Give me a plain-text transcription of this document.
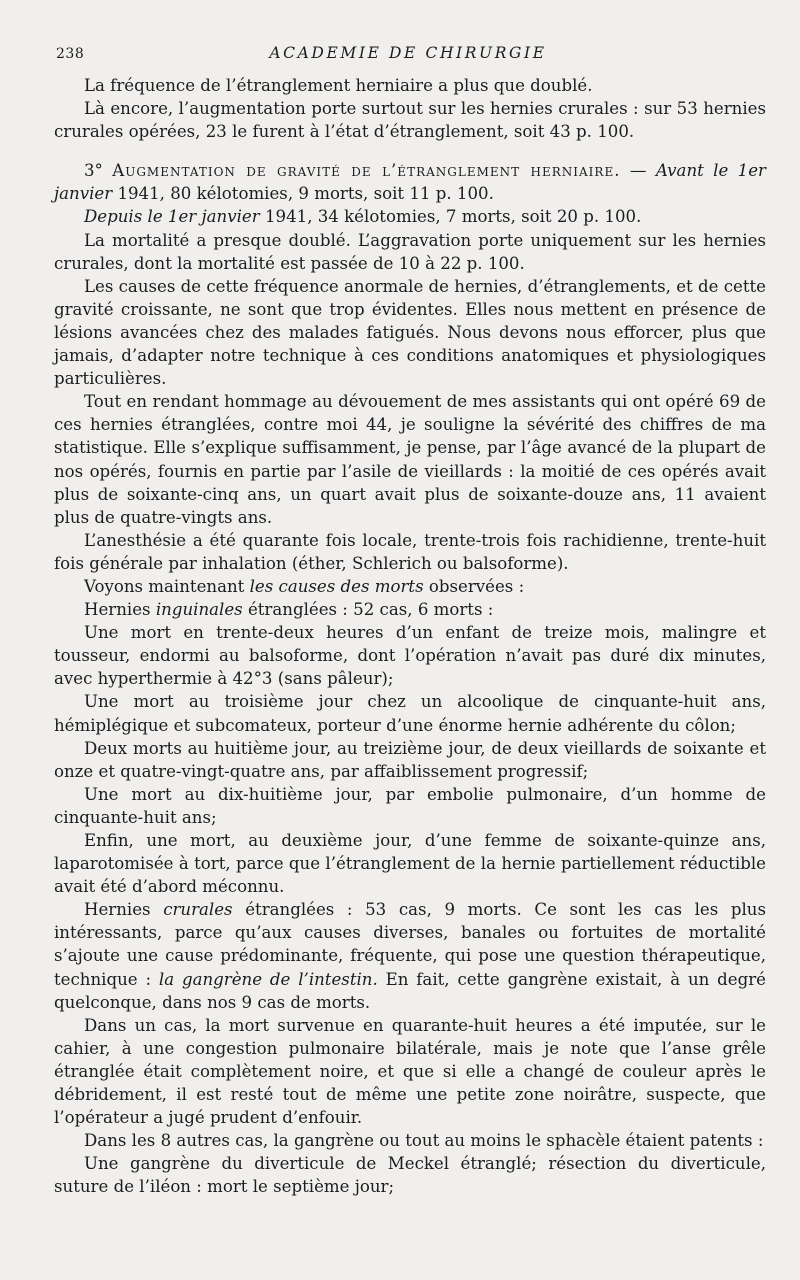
238	ACADEMIE DE CHIRURGIE

La fréquence de l’étranglement herniaire a plus que doublé.

Là encore, l’augmentation porte surtout sur les hernies crurales : sur 53 hernies crurales opérées, 23 le furent à l’état d’étranglement, soit 43 p. 100.

3° Augmentation de gravité de l’étranglement herniaire. — Avant le 1er janvier 1941, 80 kélotomies, 9 morts, soit 11 p. 100.

Depuis le 1er janvier 1941, 34 kélotomies, 7 morts, soit 20 p. 100.

La mortalité a presque doublé. L’aggravation porte uniquement sur les hernies crurales, dont la mortalité est passée de 10 à 22 p. 100.

Les causes de cette fréquence anormale de hernies, d’étranglements, et de cette gravité croissante, ne sont que trop évidentes. Elles nous mettent en présence de lésions avancées chez des malades fatigués. Nous devons nous efforcer, plus que jamais, d’adapter notre technique à ces conditions anatomiques et physiologiques particulières.

Tout en rendant hommage au dévouement de mes assistants qui ont opéré 69 de ces hernies étranglées, contre moi 44, je souligne la sévérité des chiffres de ma statistique. Elle s’explique suffisamment, je pense, par l’âge avancé de la plupart de nos opérés, fournis en partie par l’asile de vieillards : la moitié de ces opérés avait plus de soixante-cinq ans, un quart avait plus de soixante-douze ans, 11 avaient plus de quatre-vingts ans.

L’anesthésie a été quarante fois locale, trente-trois fois rachidienne, trente-huit fois générale par inhalation (éther, Schlerich ou balsoforme).

Voyons maintenant les causes des morts observées :

Hernies inguinales étranglées : 52 cas, 6 morts :

Une mort en trente-deux heures d’un enfant de treize mois, malingre et tousseur, endormi au balsoforme, dont l’opération n’avait pas duré dix minutes, avec hyperthermie à 42°3 (sans pâleur);

Une mort au troisième jour chez un alcoolique de cinquante-huit ans, hémiplégique et subcomateux, porteur d’une énorme hernie adhérente du côlon;

Deux morts au huitième jour, au treizième jour, de deux vieillards de soixante et onze et quatre-vingt-quatre ans, par affaiblissement progressif;

Une mort au dix-huitième jour, par embolie pulmonaire, d’un homme de cinquante-huit ans;

Enfin, une mort, au deuxième jour, d’une femme de soixante-quinze ans, laparotomisée à tort, parce que l’étranglement de la hernie partiellement réductible avait été d’abord méconnu.

Hernies crurales étranglées : 53 cas, 9 morts. Ce sont les cas les plus intéressants, parce qu’aux causes diverses, banales ou fortuites de mortalité s’ajoute une cause prédominante, fréquente, qui pose une question thérapeutique, technique : la gangrène de l’intestin. En fait, cette gangrène existait, à un degré quelconque, dans nos 9 cas de morts.

Dans un cas, la mort survenue en quarante-huit heures a été imputée, sur le cahier, à une congestion pulmonaire bilatérale, mais je note que l’anse grêle étranglée était complètement noire, et que si elle a changé de couleur après le débridement, il est resté tout de même une petite zone noirâtre, suspecte, que l’opérateur a jugé prudent d’enfouir.

Dans les 8 autres cas, la gangrène ou tout au moins le sphacèle étaient patents :

Une gangrène du diverticule de Meckel étranglé; résection du diverticule, suture de l’iléon : mort le septième jour;
